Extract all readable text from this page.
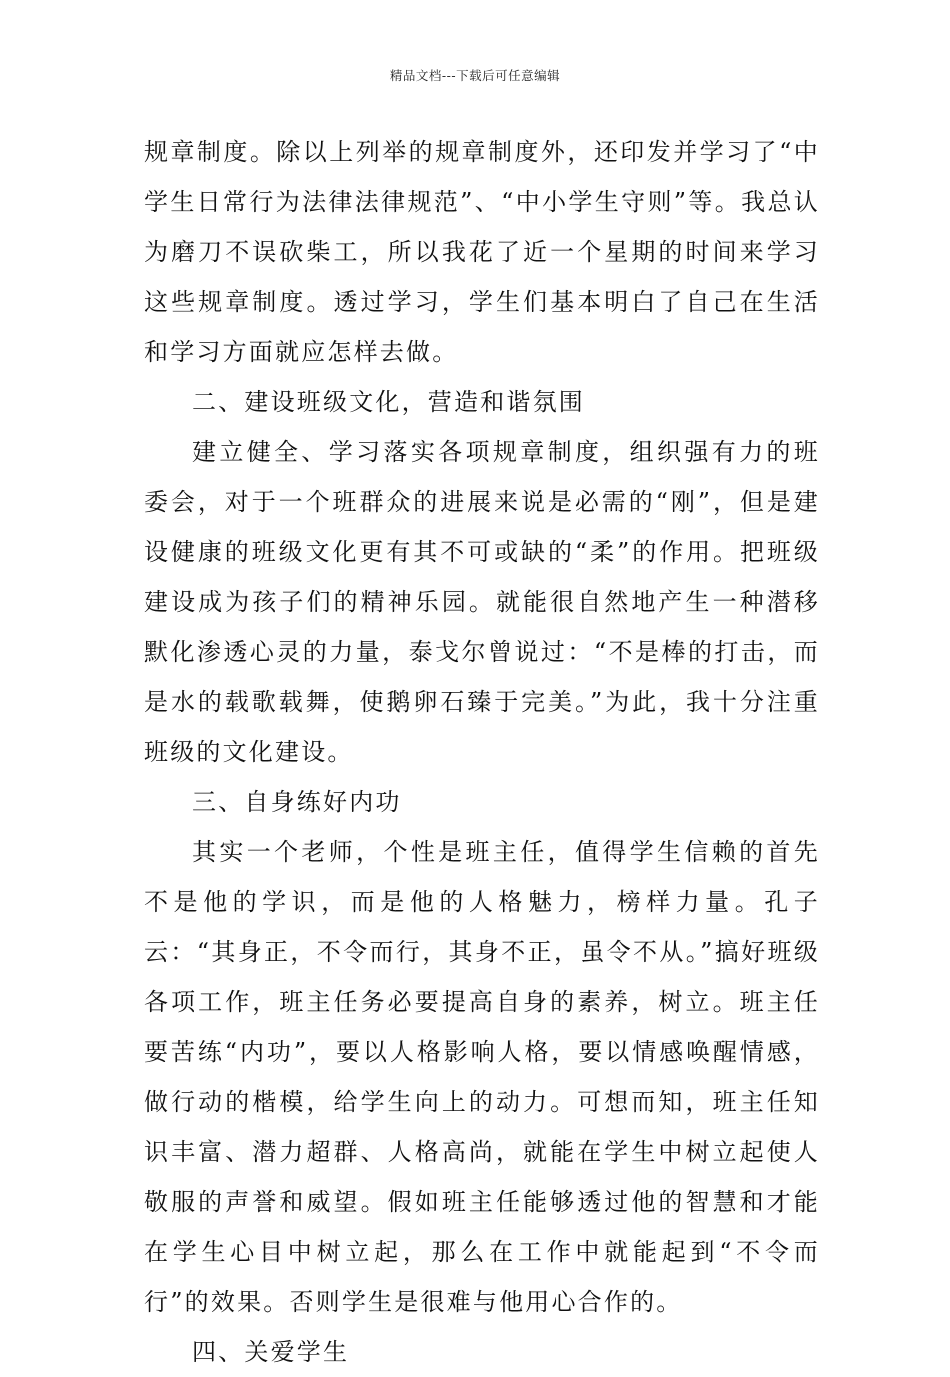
精品文档---下载后可任意编辑

规章制度。除以上列举的规章制度外，还印发并学习了“中学生日常行为法律法律规范”、“中小学生守则”等。我总认为磨刀不误砍柴工，所以我花了近一个星期的时间来学习这些规章制度。透过学习，学生们基本明白了自己在生活和学习方面就应怎样去做。

二、建设班级文化，营造和谐氛围

建立健全、学习落实各项规章制度，组织强有力的班委会，对于一个班群众的进展来说是必需的“刚”，但是建设健康的班级文化更有其不可或缺的“柔”的作用。把班级建设成为孩子们的精神乐园。就能很自然地产生一种潜移默化渗透心灵的力量，泰戈尔曾说过：“不是棒的打击，而是水的载歌载舞，使鹅卵石臻于完美。”为此，我十分注重班级的文化建设。

三、自身练好内功

其实一个老师，个性是班主任，值得学生信赖的首先不是他的学识，而是他的人格魅力，榜样力量。孔子云：“其身正，不令而行，其身不正，虽令不从。”搞好班级各项工作，班主任务必要提高自身的素养，树立。班主任要苦练“内功”，要以人格影响人格，要以情感唤醒情感，做行动的楷模，给学生向上的动力。可想而知，班主任知识丰富、潜力超群、人格高尚，就能在学生中树立起使人敬服的声誉和威望。假如班主任能够透过他的智慧和才能在学生心目中树立起，那么在工作中就能起到“不令而行”的效果。否则学生是很难与他用心合作的。

四、关爱学生
